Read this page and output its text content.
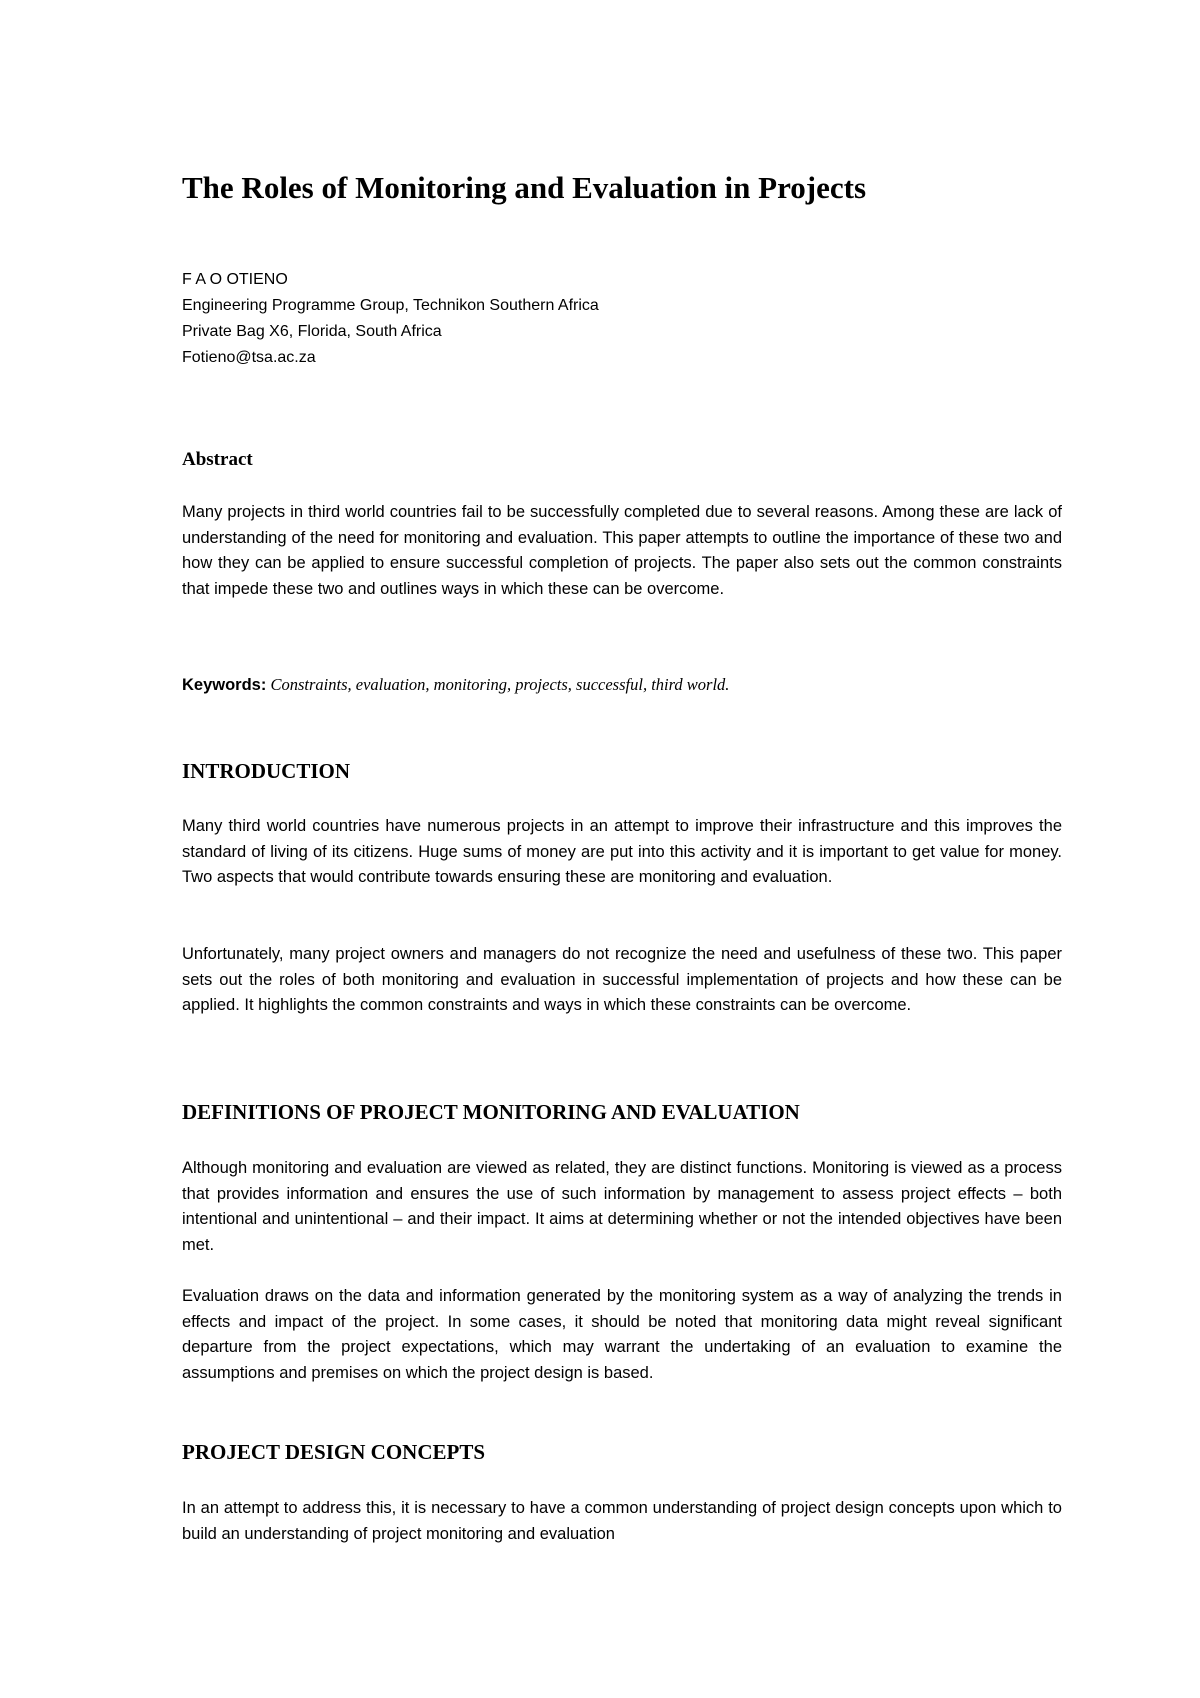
The Roles of Monitoring and Evaluation in Projects
F A O OTIENO
Engineering Programme Group, Technikon Southern Africa
Private Bag X6, Florida, South Africa
Fotieno@tsa.ac.za
Abstract

Many projects in third world countries fail to be successfully completed due to several reasons. Among these are lack of understanding of the need for monitoring and evaluation. This paper attempts to outline the importance of these two and how they can be applied to ensure successful completion of projects. The paper also sets out the common constraints that impede these two and outlines ways in which these can be overcome.

Keywords: Constraints, evaluation, monitoring, projects, successful, third world.

INTRODUCTION

Many third world countries have numerous projects in an attempt to improve their infrastructure and this improves the standard of living of its citizens. Huge sums of money are put into this activity and it is important to get value for money. Two aspects that would contribute towards ensuring these are monitoring and evaluation.

Unfortunately, many project owners and managers do not recognize the need and usefulness of these two. This paper sets out the roles of both monitoring and evaluation in successful implementation of projects and how these can be applied. It highlights the common constraints and ways in which these constraints can be overcome.

DEFINITIONS OF PROJECT MONITORING AND EVALUATION

Although monitoring and evaluation are viewed as related, they are distinct functions. Monitoring is viewed as a process that provides information and ensures the use of such information by management to assess project effects – both intentional and unintentional – and their impact. It aims at determining whether or not the intended objectives have been met.

Evaluation draws on the data and information generated by the monitoring system as a way of analyzing the trends in effects and impact of the project. In some cases, it should be noted that monitoring data might reveal significant departure from the project expectations, which may warrant the undertaking of an evaluation to examine the assumptions and premises on which the project design is based.

PROJECT DESIGN CONCEPTS

In an attempt to address this, it is necessary to have a common understanding of project design concepts upon which to build an understanding of project monitoring and evaluation
